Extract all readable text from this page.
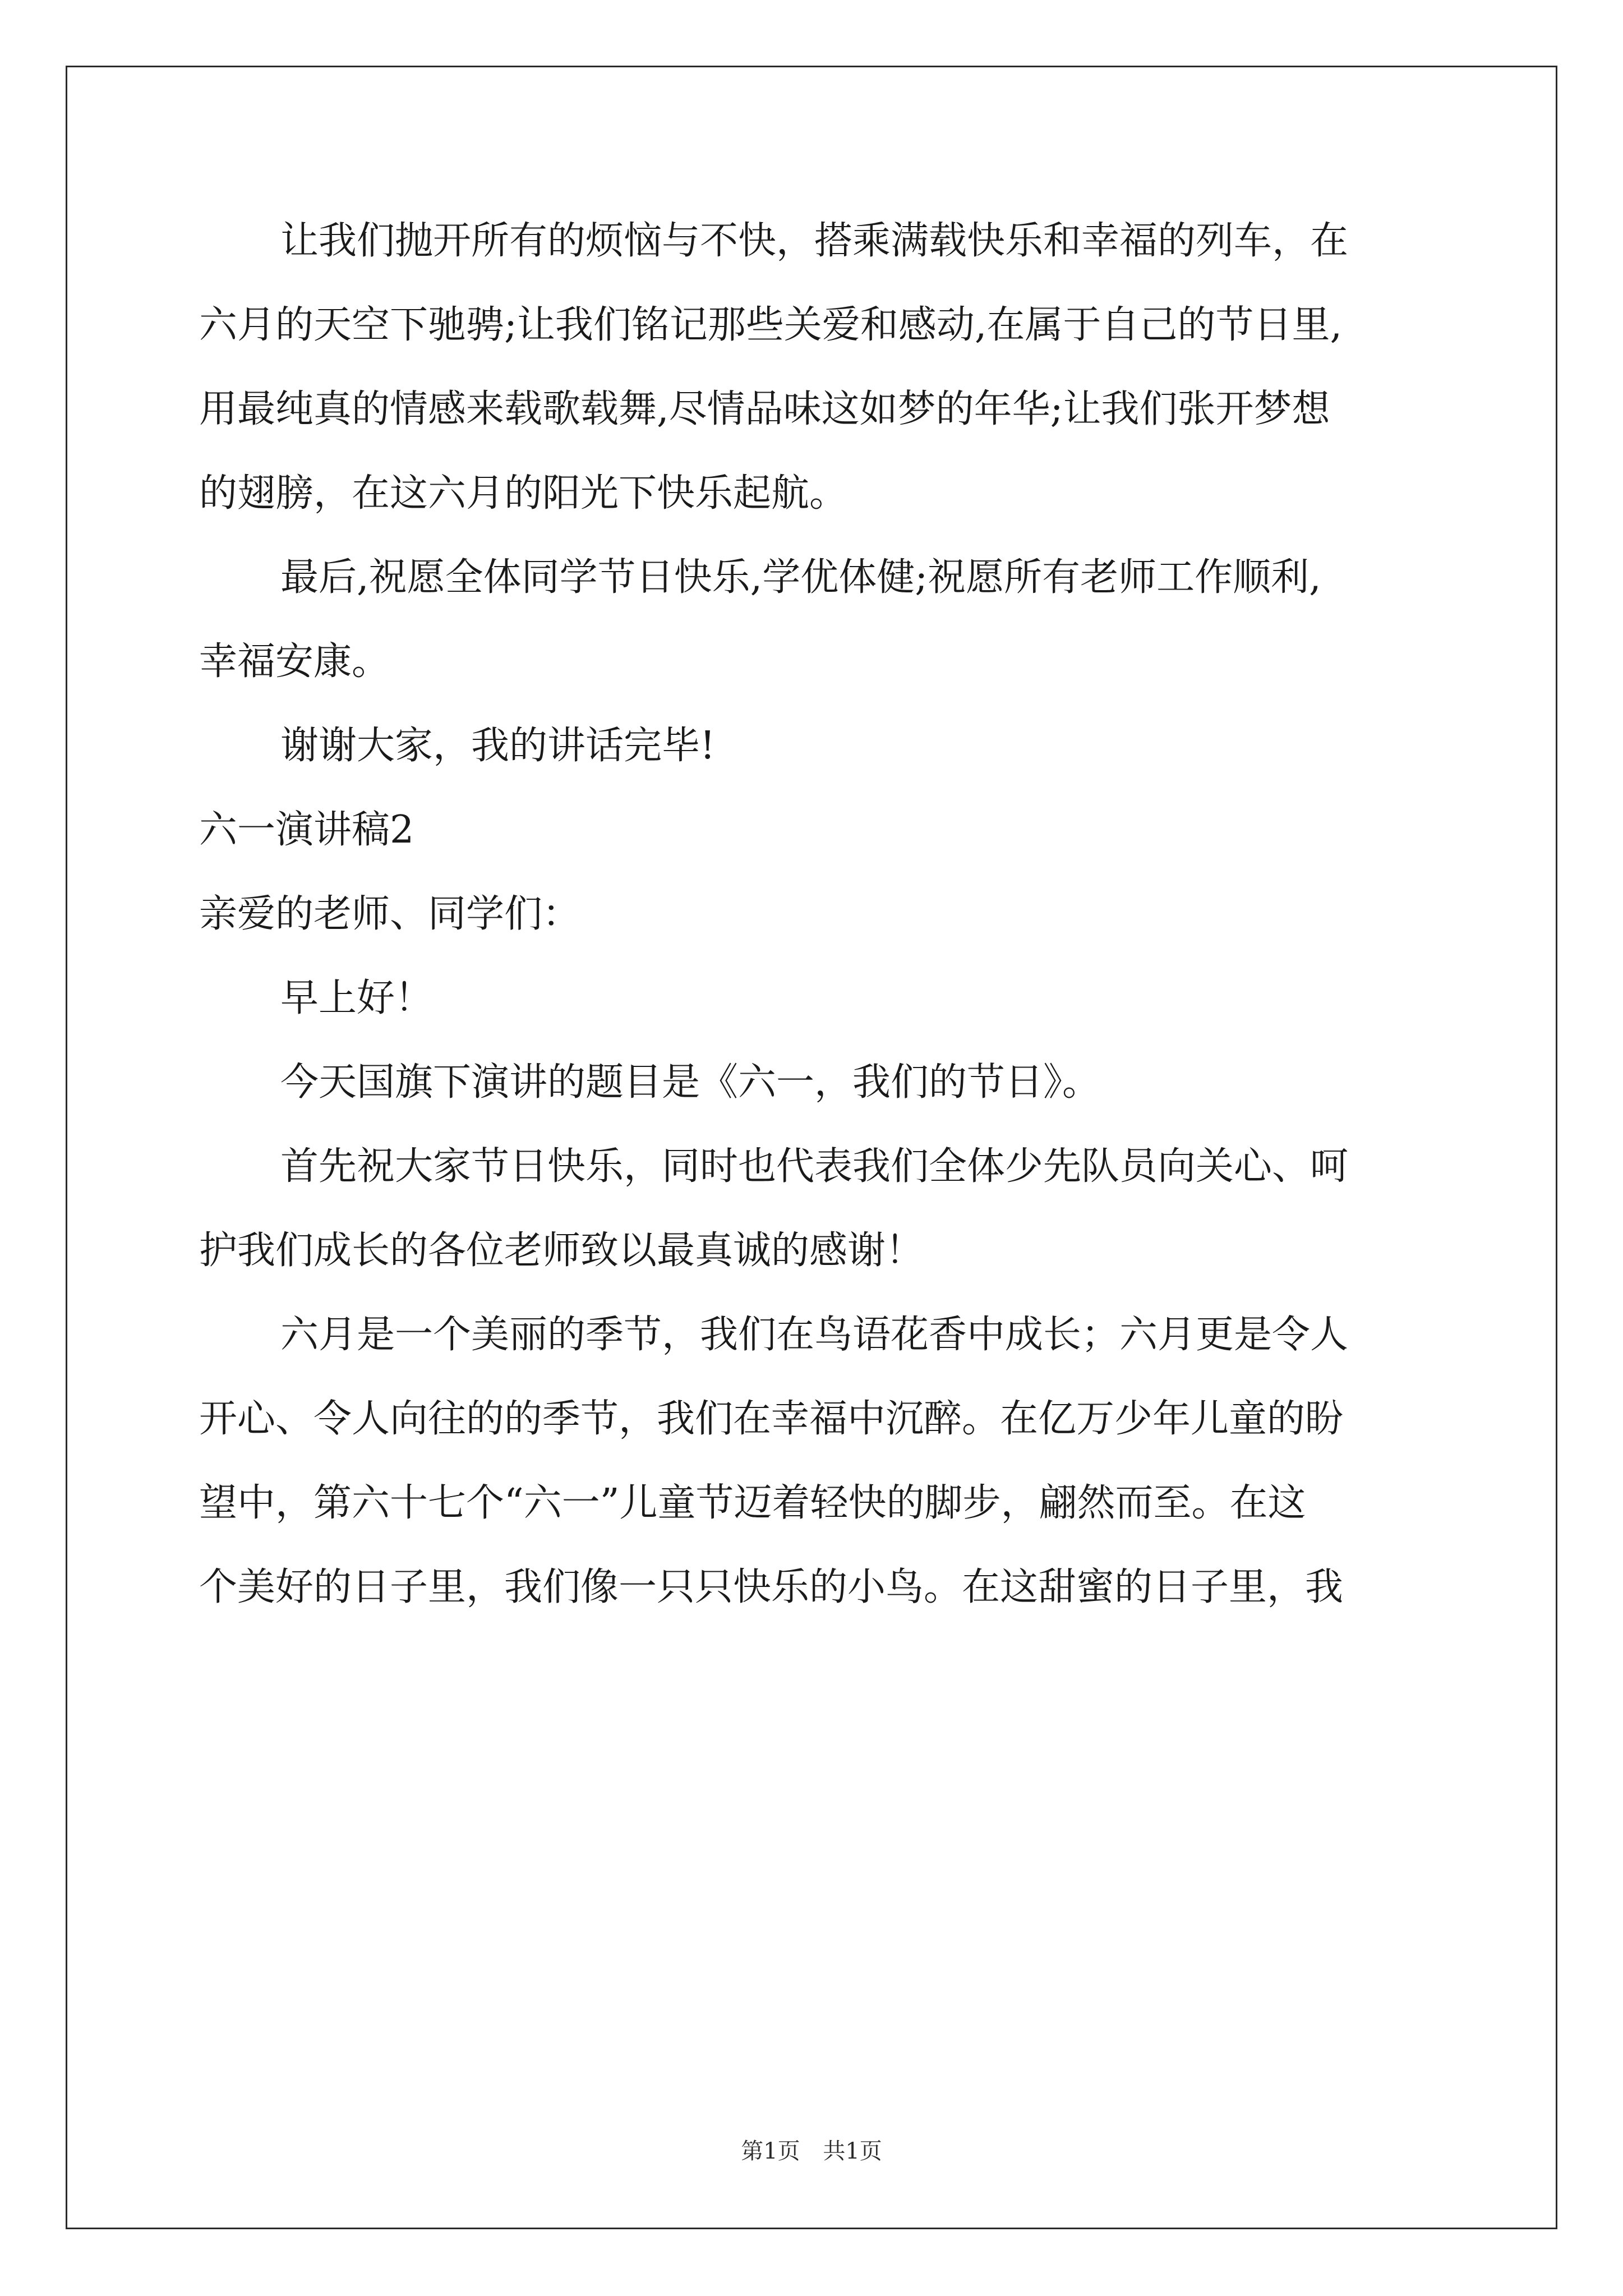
让我们抛开所有的烦恼与不快，搭乘满载快乐和幸福的列车，在
六月的天空下驰骋;让我们铭记那些关爱和感动,在属于自己的节日里,
用最纯真的情感来载歌载舞,尽情品味这如梦的年华;让我们张开梦想
的翅膀，在这六月的阳光下快乐起航。
最后,祝愿全体同学节日快乐,学优体健;祝愿所有老师工作顺利,
幸福安康。
谢谢大家，我的讲话完毕!
六一演讲稿2
亲爱的老师、同学们：
早上好！
今天国旗下演讲的题目是《六一，我们的节日》。
首先祝大家节日快乐，同时也代表我们全体少先队员向关心、呵
护我们成长的各位老师致以最真诚的感谢！
六月是一个美丽的季节，我们在鸟语花香中成长；六月更是令人
开心、令人向往的的季节，我们在幸福中沉醉。在亿万少年儿童的盼
望中，第六十七个“六一”儿童节迈着轻快的脚步，翩然而至。在这
个美好的日子里，我们像一只只快乐的小鸟。在这甜蜜的日子里，我
第1页 共1页
